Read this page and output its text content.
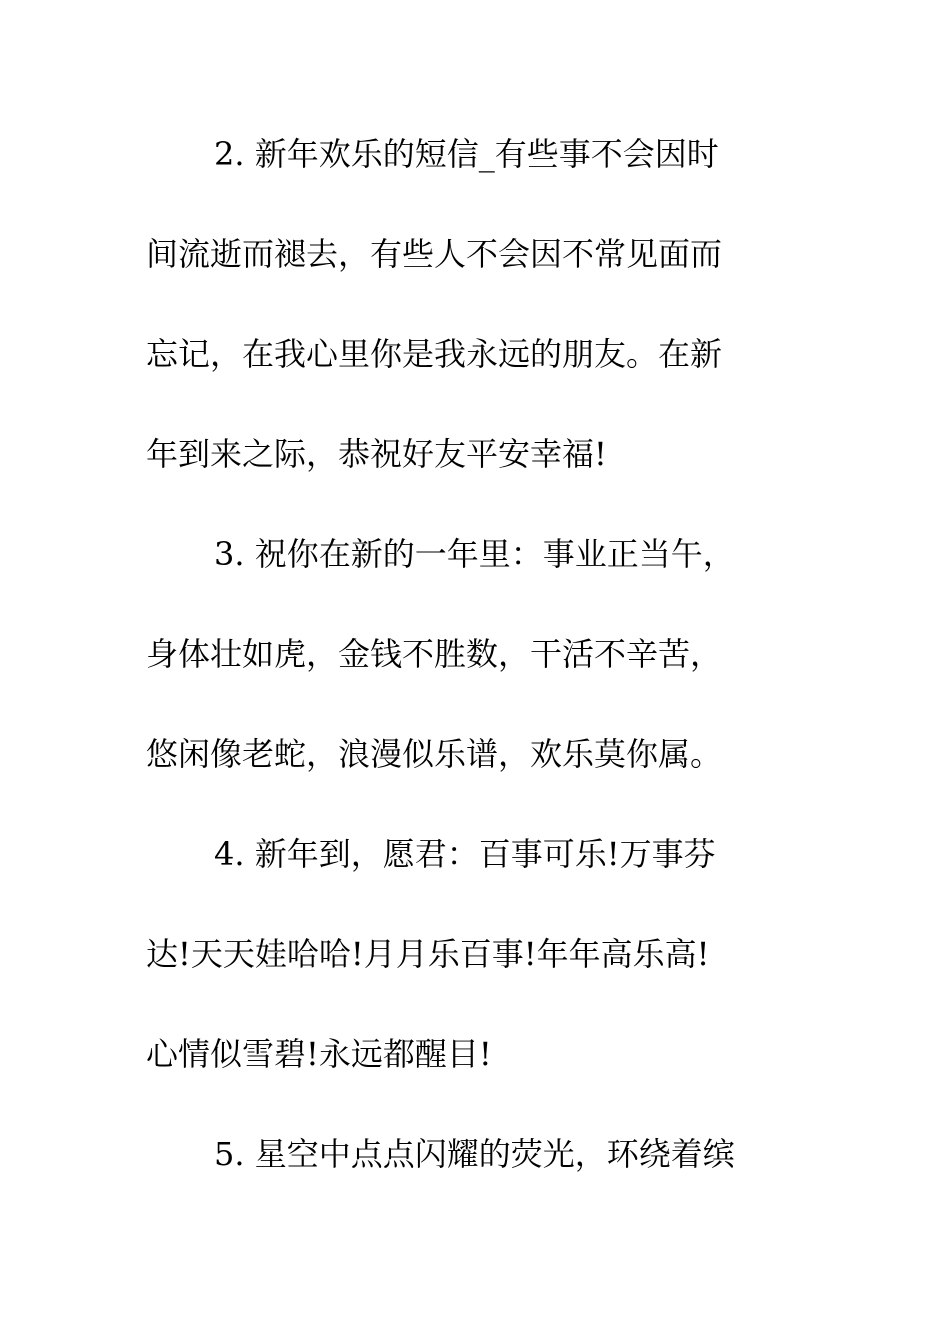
2. 新年欢乐的短信_有些事不会因时
间流逝而褪去，有些人不会因不常见面而
忘记，在我心里你是我永远的朋友。在新
年到来之际，恭祝好友平安幸福!
3. 祝你在新的一年里：事业正当午，
身体壮如虎，金钱不胜数，干活不辛苦，
悠闲像老蛇，浪漫似乐谱，欢乐莫你属。
4. 新年到，愿君：百事可乐!万事芬
达!天天娃哈哈!月月乐百事!年年高乐高!
心情似雪碧!永远都醒目!
5. 星空中点点闪耀的荧光，环绕着缤
